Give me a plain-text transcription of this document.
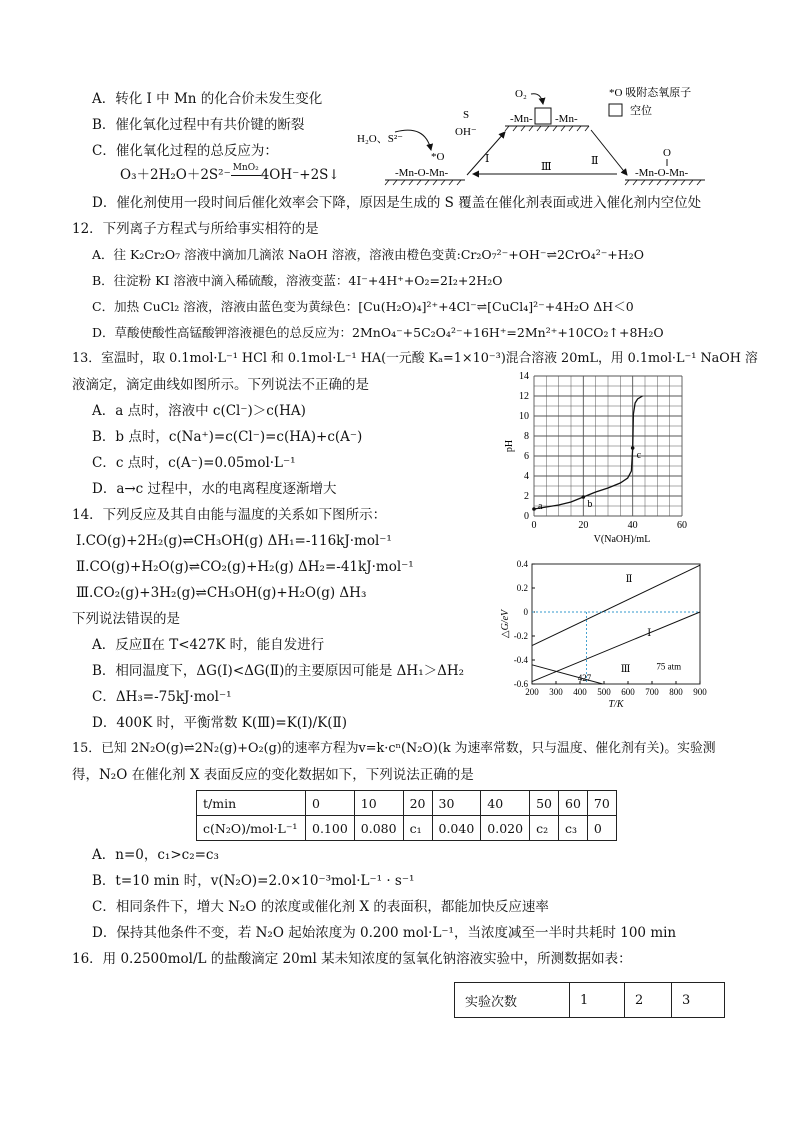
A．转化 I 中 Mn 的化合价未发生变化
B．催化氧化过程中有共价键的断裂
C．催化氧化过程的总反应为：
O₃＋2H₂O＋2S²⁻ MnO₂ 4OH⁻+2S↓
D．催化剂使用一段时间后催化效率会下降，原因是生成的 S 覆盖在催化剂表面或进入催化剂内空位处
*O 吸附态氧原子
空位
O₂
-Mn- -Mn-
S
OH⁻
H₂O、S²⁻
*O
-Mn-O-Mn-
Ⅰ	Ⅱ
Ⅲ
O
-Mn-O-Mn-
12．下列离子方程式与所给事实相符的是
A．往 K₂Cr₂O₇ 溶液中滴加几滴浓 NaOH 溶液，溶液由橙色变黄:Cr₂O₇²⁻+OH⁻⇌2CrO₄²⁻+H₂O
B．往淀粉 KI 溶液中滴入稀硫酸，溶液变蓝：4I⁻+4H⁺+O₂=2I₂+2H₂O
C．加热 CuCl₂ 溶液，溶液由蓝色变为黄绿色：[Cu(H₂O)₄]²⁺+4Cl⁻⇌[CuCl₄]²⁻+4H₂O ΔH＜0
D．草酸使酸性高锰酸钾溶液褪色的总反应为：2MnO₄⁻+5C₂O₄²⁻+16H⁺=2Mn²⁺+10CO₂↑+8H₂O
13．室温时，取 0.1mol·L⁻¹ HCl 和 0.1mol·L⁻¹ HA(一元酸 Kₐ=1×10⁻³)混合溶液 20mL，用 0.1mol·L⁻¹ NaOH 溶
液滴定，滴定曲线如图所示。下列说法不正确的是
A．a 点时，溶液中 c(Cl⁻)＞c(HA)
B．b 点时，c(Na⁺)=c(Cl⁻)=c(HA)+c(A⁻)
C．c 点时，c(A⁻)=0.05mol·L⁻¹
D．a→c 过程中，水的电离程度逐渐增大
0	20	40	60
0
2
4
6
8
10
12
14
a	b
c
V(NaOH)/mL
pH
14．下列反应及其自由能与温度的关系如下图所示：
Ⅰ.CO(g)+2H₂(g)⇌CH₃OH(g) ΔH₁=-116kJ·mol⁻¹
Ⅱ.CO(g)+H₂O(g)⇌CO₂(g)+H₂(g) ΔH₂=-41kJ·mol⁻¹
Ⅲ.CO₂(g)+3H₂(g)⇌CH₃OH(g)+H₂O(g) ΔH₃
下列说法错误的是
A．反应Ⅱ在 T<427K 时，能自发进行
B．相同温度下，ΔG(Ⅰ)<ΔG(Ⅱ)的主要原因可能是 ΔH₁＞ΔH₂
C．ΔH₃=-75kJ·mol⁻¹
D．400K 时，平衡常数 K(Ⅲ)=K(Ⅰ)/K(Ⅱ)
200 300 400 500 600 700 800 900
-0.6
-0.4
-0.2
0
0.2
0.4
Ⅱ
Ⅰ
Ⅲ
427
75 atm
T/K
△G/eV
15．已知 2N₂O(g)⇌2N₂(g)+O₂(g)的速率方程为v=k·cⁿ(N₂O)(k 为速率常数，只与温度、催化剂有关)。实验测
得，N₂O 在催化剂 X 表面反应的变化数据如下，下列说法正确的是
t/min	0	10	20	30	40	50	60	70
c(N₂O)/mol·L⁻¹	0.100	0.080	c₁	0.040	0.020	c₂	c₃	0
A．n=0，c₁>c₂=c₃
B．t=10 min 时，v(N₂O)=2.0×10⁻³mol·L⁻¹ · s⁻¹
C．相同条件下，增大 N₂O 的浓度或催化剂 X 的表面积，都能加快反应速率
D．保持其他条件不变，若 N₂O 起始浓度为 0.200 mol·L⁻¹，当浓度减至一半时共耗时 100 min
16．用 0.2500mol/L 的盐酸滴定 20ml 某未知浓度的氢氧化钠溶液实验中，所测数据如表：
实验次数	1	2	3
